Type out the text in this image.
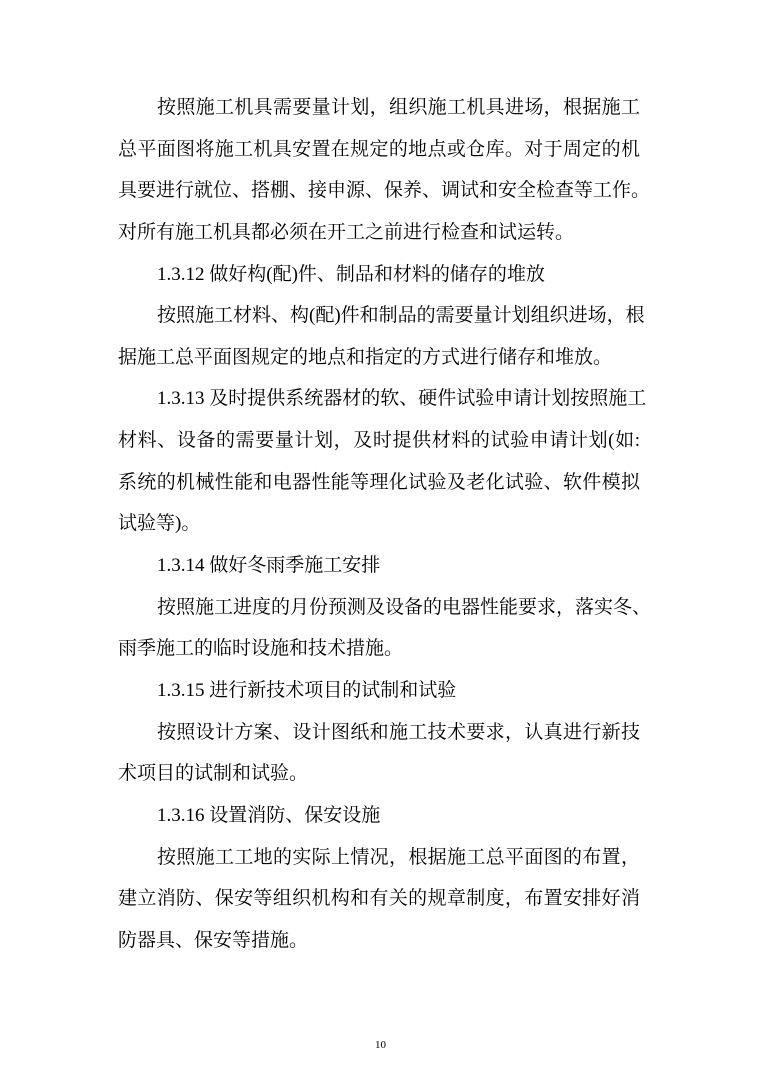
按照施工机具需要量计划，组织施工机具进场，根据施工
总平面图将施工机具安置在规定的地点或仓库。对于周定的机
具要进行就位、搭棚、接申源、保养、调试和安全检查等工作。
对所有施工机具都必须在开工之前进行检查和试运转。
1.3.12 做好构(配)件、制品和材料的储存的堆放
按照施工材料、构(配)件和制品的需要量计划组织进场，根
据施工总平面图规定的地点和指定的方式进行储存和堆放。
1.3.13 及时提供系统器材的软、硬件试验申请计划按照施工
材料、设备的需要量计划，及时提供材料的试验申请计划(如:
系统的机械性能和电器性能等理化试验及老化试验、软件模拟
试验等)。
1.3.14 做好冬雨季施工安排
按照施工进度的月份预测及设备的电器性能要求，落实冬、
雨季施工的临时设施和技术措施。
1.3.15 进行新技术项目的试制和试验
按照设计方案、设计图纸和施工技术要求，认真进行新技
术项目的试制和试验。
1.3.16 设置消防、保安设施
按照施工工地的实际上情况，根据施工总平面图的布置，
建立消防、保安等组织机构和有关的规章制度，布置安排好消
防器具、保安等措施。
10
